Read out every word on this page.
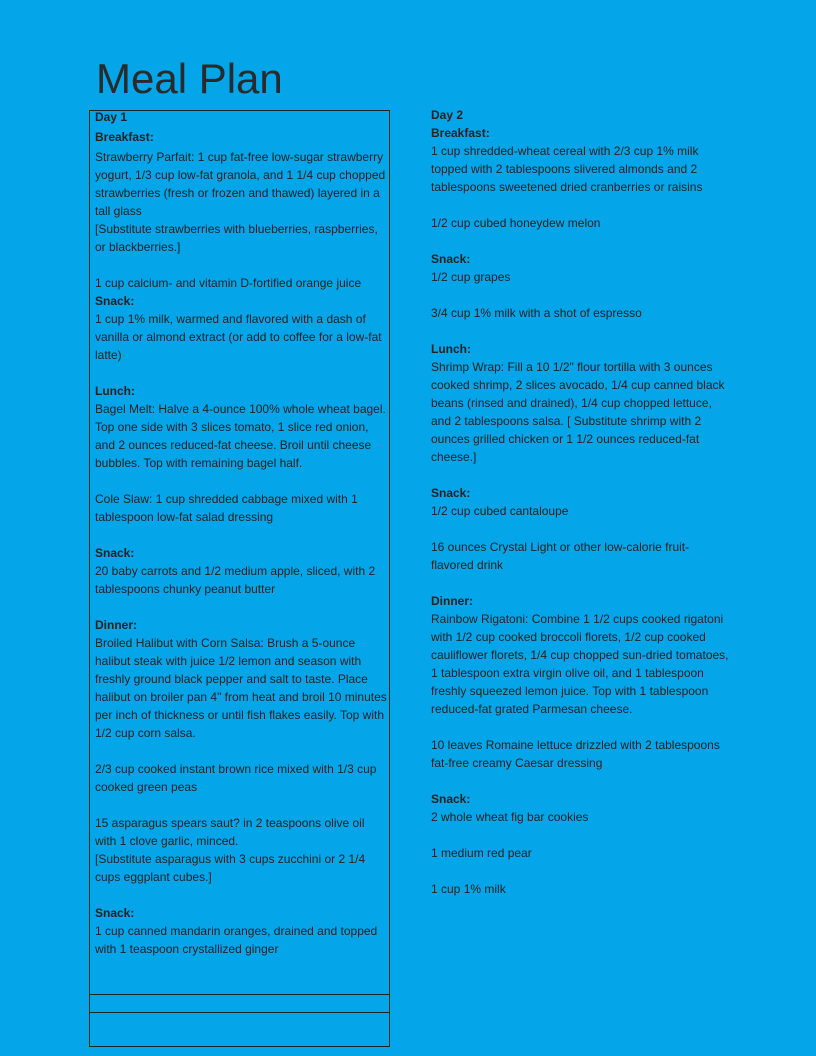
Meal Plan

Day 1

Breakfast:

Strawberry Parfait: 1 cup fat-free low-sugar strawberry yogurt, 1/3 cup low-fat granola, and 1 1/4 cup chopped strawberries (fresh or frozen and thawed) layered in a tall glass
[Substitute strawberries with blueberries, raspberries, or blackberries.]

1 cup calcium- and vitamin D-fortified orange juice

Snack:

1 cup 1% milk, warmed and flavored with a dash of vanilla or almond extract (or add to coffee for a low-fat latte)

Lunch:

Bagel Melt: Halve a 4-ounce 100% whole wheat bagel. Top one side with 3 slices tomato, 1 slice red onion, and 2 ounces reduced-fat cheese. Broil until cheese bubbles. Top with remaining bagel half.

Cole Slaw: 1 cup shredded cabbage mixed with 1 tablespoon low-fat salad dressing

Snack:

20 baby carrots and 1/2 medium apple, sliced, with 2 tablespoons chunky peanut butter

Dinner:

Broiled Halibut with Corn Salsa: Brush a 5-ounce halibut steak with juice 1/2 lemon and season with freshly ground black pepper and salt to taste. Place halibut on broiler pan 4" from heat and broil 10 minutes per inch of thickness or until fish flakes easily. Top with 1/2 cup corn salsa.

2/3 cup cooked instant brown rice mixed with 1/3 cup cooked green peas

15 asparagus spears saut? in 2 teaspoons olive oil with 1 clove garlic, minced.
[Substitute asparagus with 3 cups zucchini or 2 1/4 cups eggplant cubes.]

Snack:

1 cup canned mandarin oranges, drained and topped with 1 teaspoon crystallized ginger

Day 2

Breakfast:

1 cup shredded-wheat cereal with 2/3 cup 1% milk topped with 2 tablespoons slivered almonds and 2 tablespoons sweetened dried cranberries or raisins

1/2 cup cubed honeydew melon

Snack:

1/2 cup grapes

3/4 cup 1% milk with a shot of espresso

Lunch:

Shrimp Wrap: Fill a 10 1/2" flour tortilla with 3 ounces cooked shrimp, 2 slices avocado, 1/4 cup canned black beans (rinsed and drained), 1/4 cup chopped lettuce, and 2 tablespoons salsa. [ Substitute shrimp with 2 ounces grilled chicken or 1 1/2 ounces reduced-fat cheese.]

Snack:

1/2 cup cubed cantaloupe

16 ounces Crystal Light or other low-calorie fruit-flavored drink

Dinner:

Rainbow Rigatoni: Combine 1 1/2 cups cooked rigatoni with 1/2 cup cooked broccoli florets, 1/2 cup cooked cauliflower florets, 1/4 cup chopped sun-dried tomatoes, 1 tablespoon extra virgin olive oil, and 1 tablespoon freshly squeezed lemon juice. Top with 1 tablespoon reduced-fat grated Parmesan cheese.

10 leaves Romaine lettuce drizzled with 2 tablespoons fat-free creamy Caesar dressing

Snack:

2 whole wheat fig bar cookies

1 medium red pear

1 cup 1% milk
